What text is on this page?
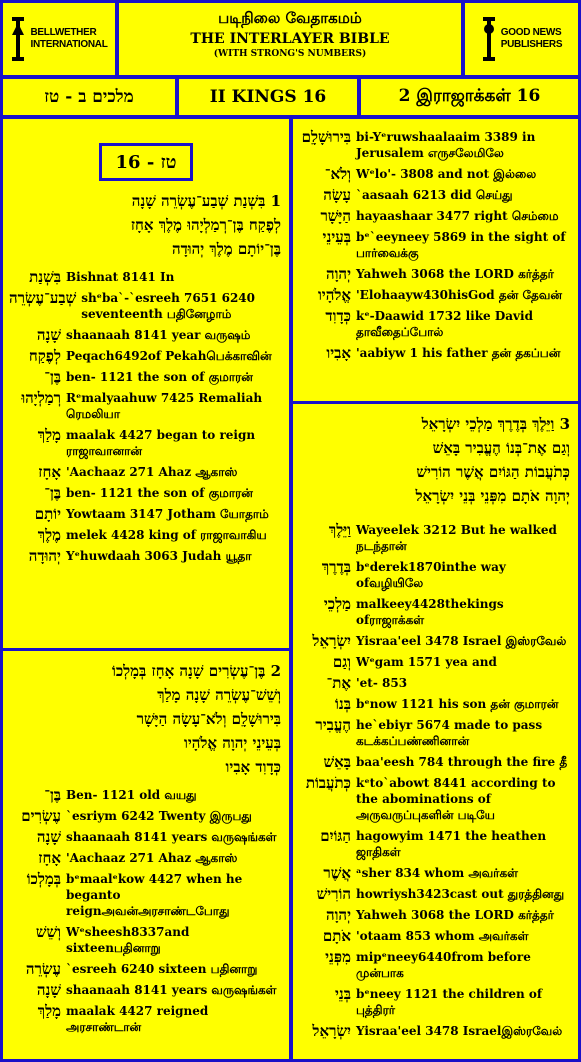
BELLWETHER
INTERNATIONAL
படிநிலை வேதாகமம்
THE INTERLAYER BIBLE
(WITH STRONG'S NUMBERS)
GOOD NEWS
PUBLISHERS
מלכים ב - טז	II KINGS 16	2 இராஜாக்கள் 16
טז - 16
1 בִּשְׁנַת שְׁבַע־עֶשְׂרֵה שָׁנָה
לְפֶקַח בֶּן־רְמַלְיָהוּ מֶלֶךְ אָחָז
בֶּן־יוֹתָם מֶלֶךְ יְהוּדָה
בִּשְׁנַת Bishnat 8141 In
שְׁבַע־עֶשְׂרֵה shᵉba`-`esreeh 7651 6240 seventeenth பதினேழாம்
שָׁנָה shaanaah 8141 year வருஷம்
לְפֶקַח Peqach6492of Pekahபெக்காவின்
בֶּן־ ben- 1121 the son of குமாரன்
רְמַלְיָהוּ Rᵉmalyaahuw 7425 Remaliah ரெமலியா
מָלַךְ maalak 4427 began to reign ராஜாவானான்
אָחָז 'Aachaaz 271 Ahaz ஆகாஸ்
בֶּן־ ben- 1121 the son of குமாரன்
יוֹתָם Yowtaam 3147 Jotham யோதாம்
מֶלֶךְ melek 4428 king of ராஜாவாகிய
יְהוּדָה Yᵉhuwdaah 3063 Judah யூதா
2 בֶּן־עֶשְׂרִים שָׁנָה אָחָז בְּמָלְכוֹ
וְשֵׁשׁ־עֶשְׂרֵה שָׁנָה מָלַךְ
בִּירוּשָׁלִָם וְלֹא־עָשָׂה הַיָּשָׁר
בְּעֵינֵי יְהוָה אֱלֹהָיו
כְּדָוִד אָבִיו
בֶּן־ Ben- 1121 old வயது
עֶשְׂרִים `esriym 6242 Twenty இருபது
שָׁנָה shaanaah 8141 years வருஷங்கள்
אָחָז 'Aachaaz 271 Ahaz ஆகாஸ்
בְּמָלְכוֹ bᵉmaalᵉkow 4427 when he beganto reignஅவன்அரசாண்டபோது
וְשֵׁשׁ Wᵉsheesh8337and sixteenபதினாறு
עֶשְׂרֵה `esreeh 6240 sixteen பதினாறு
שָׁנָה shaanaah 8141 years வருஷங்கள்
מָלַךְ maalak 4427 reigned அரசாண்டான்
בִּירוּשָׁלִָם bi-Yᵉruwshaalaaim 3389 in Jerusalem எருசலேமிலே
וְלֹא־ Wᵉlo'- 3808 and not இல்லை
עָשָׂה `aasaah 6213 did செய்து
הַיָּשָׁר hayaashaar 3477 right செம்மை
בְּעֵינֵי bᵉ`eeyneey 5869 in the sight of பார்வைக்கு
יְהוָה Yahweh 3068 the LORD கர்த்தர்
אֱלֹהָיו 'Elohaayw430hisGod தன் தேவன்
כְּדָוִד kᵉ-Daawid 1732 like David தாவீதைப்போல்
אָבִיו 'aabiyw 1 his father தன் தகப்பன்
3 וַיֵּלֶךְ בְּדֶרֶךְ מַלְכֵי יִשְׂרָאֵל
וְגַם אֶת־בְּנוֹ הֶעֱבִיר בָּאֵשׁ
כְּתֹעֲבוֹת הַגּוֹיִם אֲשֶׁר הוֹרִישׁ
יְהוָה אֹתָם מִפְּנֵי בְּנֵי יִשְׂרָאֵל
וַיֵּלֶךְ Wayeelek 3212 But he walked நடந்தான்
בְּדֶרֶךְ bᵉderek1870inthe way ofவழியிலே
מַלְכֵי malkeey4428thekings ofராஜாக்கள்
יִשְׂרָאֵל Yisraa'eel 3478 Israel இஸ்ரவேல்
וְגַם Wᵉgam 1571 yea and
אֶת־ 'et- 853
בְּנוֹ bᵉnow 1121 his son தன் குமாரன்
הֶעֱבִיר he`ebiyr 5674 made to pass கடக்கப்பண்ணினான்
בָּאֵשׁ baa'eesh 784 through the fire தீ
כְּתֹעֲבוֹת kᵉto`abowt 8441 according to the abominations of அருவருப்புகளின் படியே
הַגּוֹיִם hagowyim 1471 the heathen ஜாதிகள்
אֲשֶׁר ᵃsher 834 whom அவர்கள்
הוֹרִישׁ howriysh3423cast out துரத்தினது
יְהוָה Yahweh 3068 the LORD கர்த்தர்
אֹתָם 'otaam 853 whom அவர்கள்
מִפְּנֵי mipᵉneey6440from before முன்பாக
בְּנֵי bᵉneey 1121 the children of புத்திரர்
יִשְׂרָאֵל Yisraa'eel 3478 Israelஇஸ்ரவேல்
